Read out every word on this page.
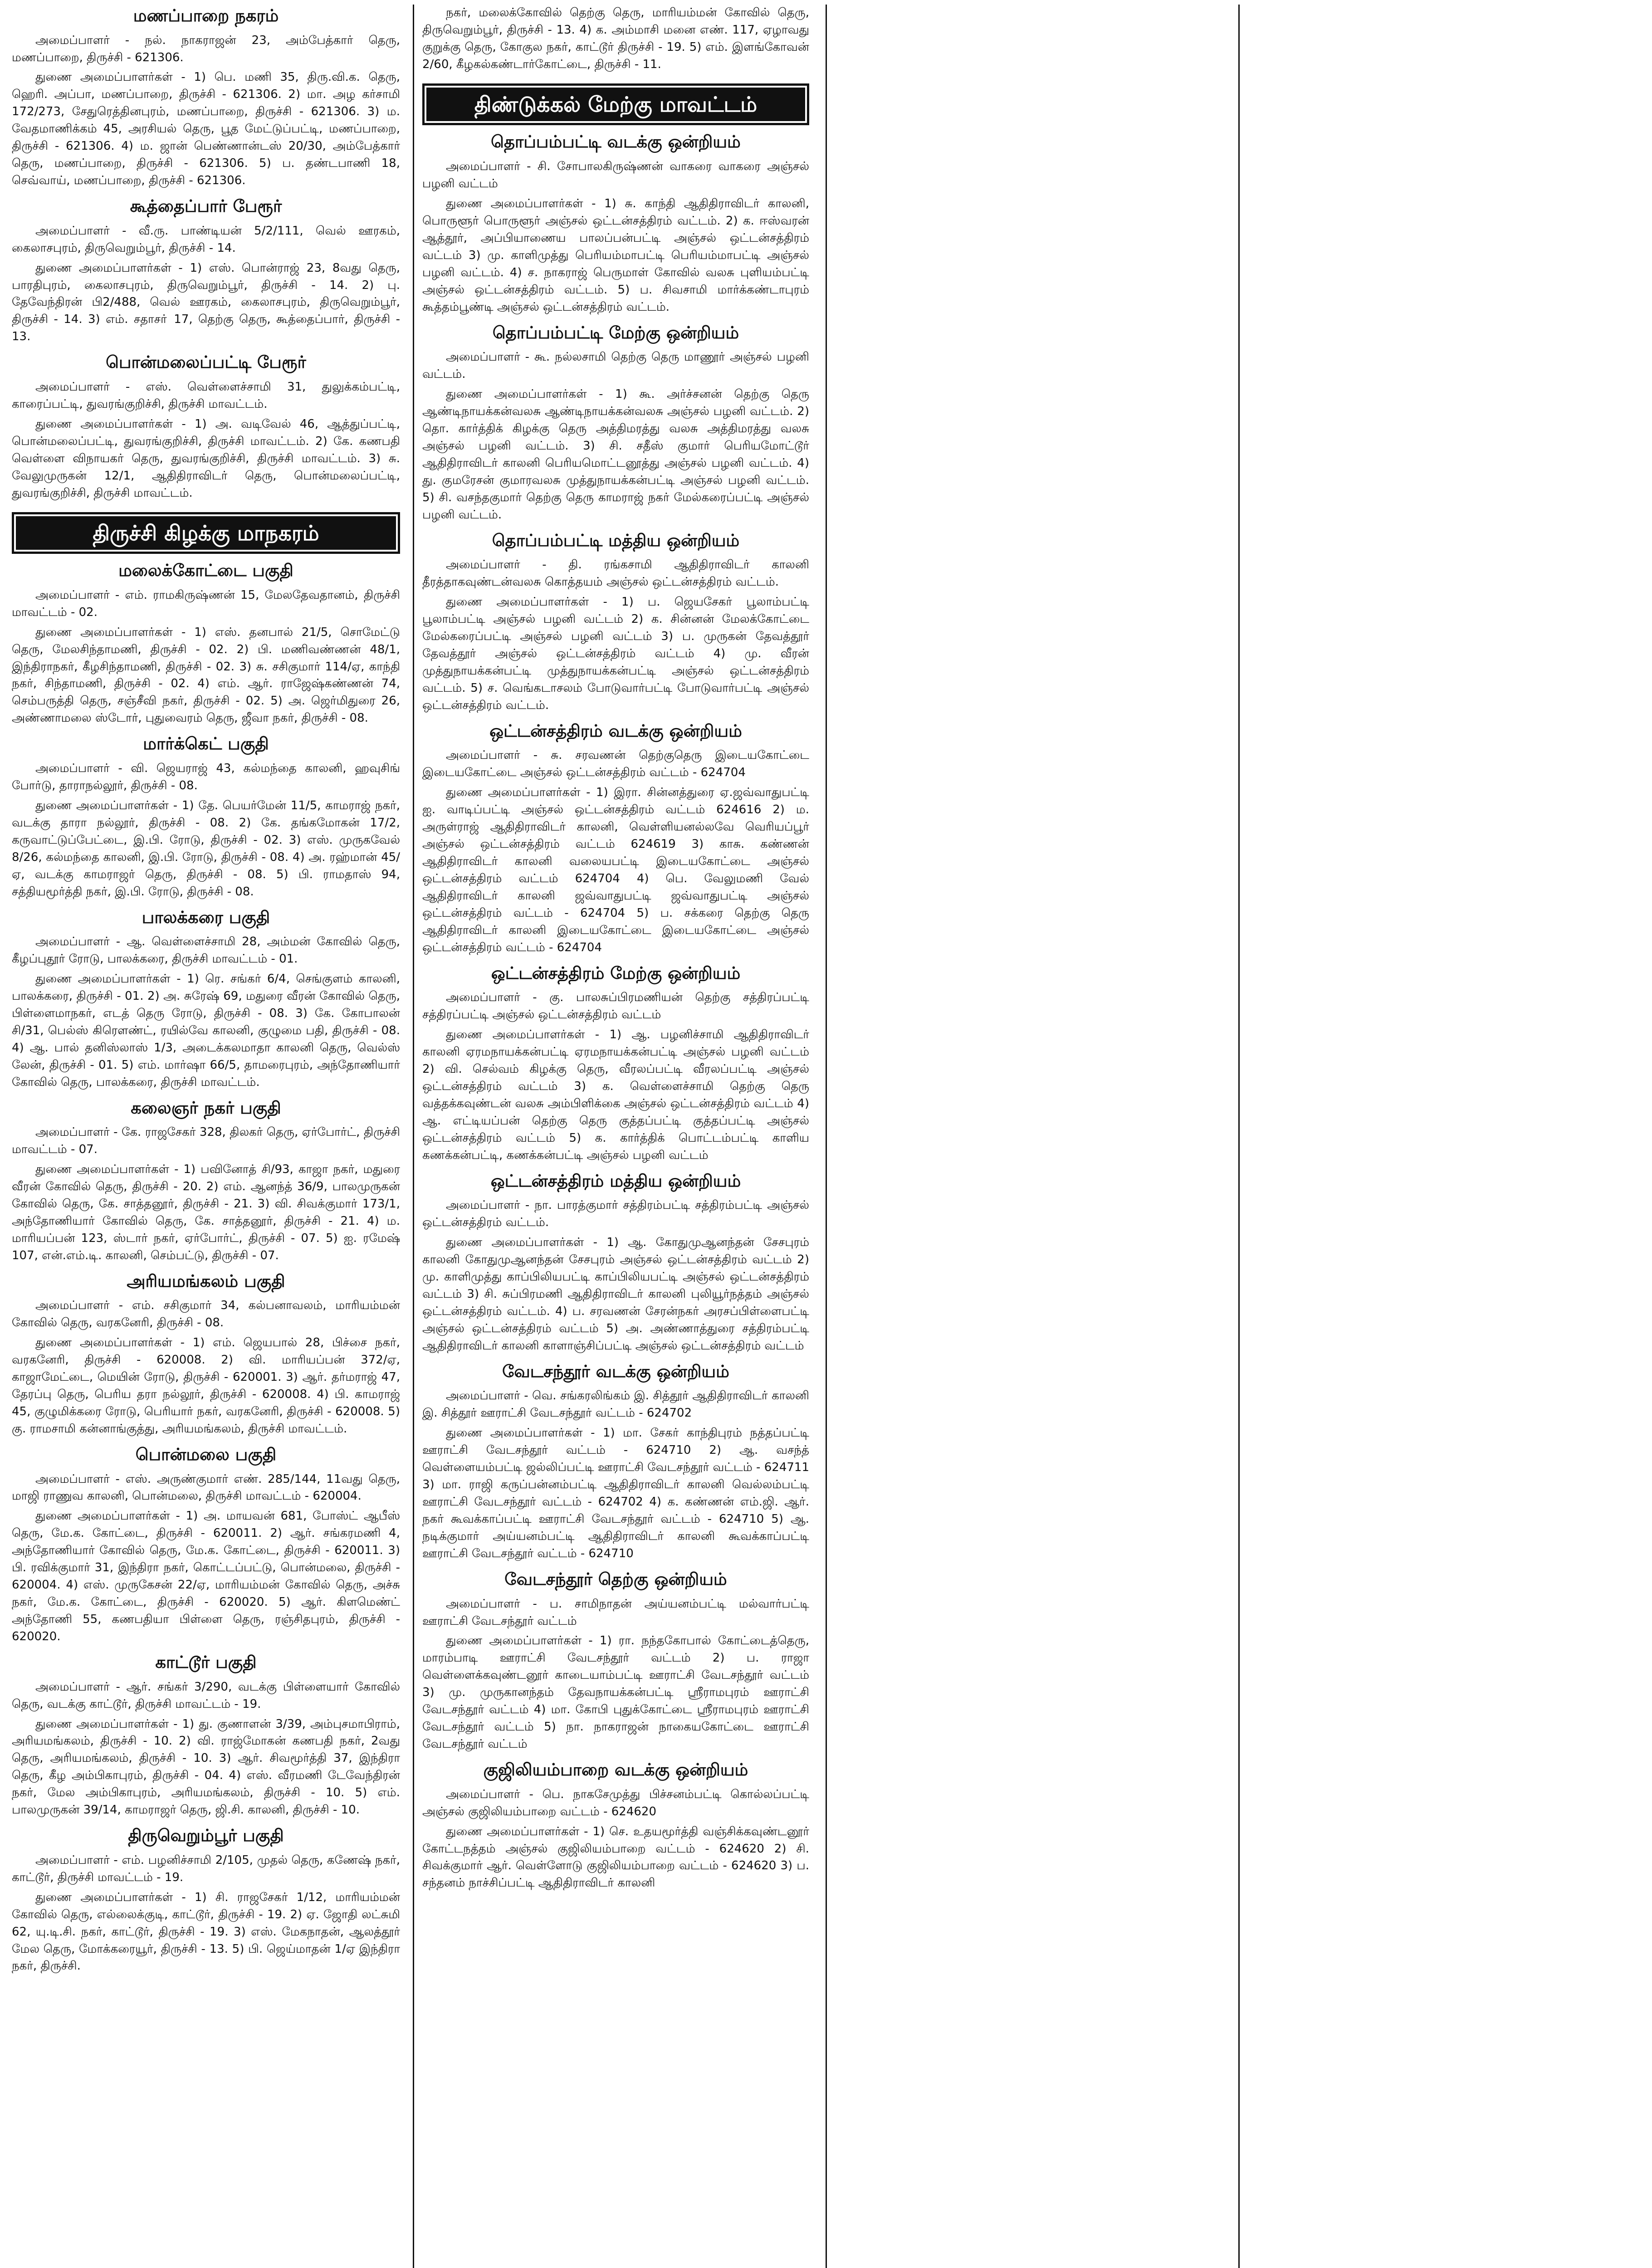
மணப்பாறை நகரம்
அமைப்பாளர் - நல். நாகராஜன் 23, அம்பேத்கார் தெரு, மணப்பாறை, திருச்சி - 621306.
துணை அமைப்பாளர்கள் - 1) பெ. மணி 35, திரு.வி.க. தெரு, ஹெரி. அப்பா, மணப்பாறை, திருச்சி - 621306. 2) மா. அழ கர்சாமி 172/273, சேதுரெத்தினபுரம், மணப்பாறை, திருச்சி - 621306. 3) ம. வேதமாணிக்கம் 45, அரசியல் தெரு, பூத மேட்டுப்பட்டி, மணப்பாறை, திருச்சி - 621306. 4) ம. ஜான் பெண்ணான்டஸ் 20/30, அம்பேத்கார் தெரு, மணப்பாறை, திருச்சி - 621306. 5) ப. தண்டபாணி 18, செவ்வாய், மணப்பாறை, திருச்சி - 621306.
கூத்தைப்பார் பேரூர்
அமைப்பாளர் - வீ.ரு. பாண்டியன் 5/2/111, வெல் ஊரகம், கைலாசபுரம், திருவெறும்பூர், திருச்சி - 14.
துணை அமைப்பாளர்கள் - 1) எஸ். பொன்ராஜ் 23, 8வது தெரு, பாரதிபுரம், கைலாசபுரம், திருவெறும்பூர், திருச்சி - 14. 2) பு. தேவேந்திரன் பி2/488, வெல் ஊரகம், கைலாசபுரம், திருவெறும்பூர், திருச்சி - 14. 3) எம். சதாசா் 17, தெற்கு தெரு, கூத்தைப்பார், திருச்சி - 13.
பொன்மலைப்பட்டி பேரூர்
அமைப்பாளர் - எஸ். வெள்ளைச்சாமி 31, துலுக்கம்பட்டி, காரைப்பட்டி, துவரங்குறிச்சி, திருச்சி மாவட்டம்.
துணை அமைப்பாளர்கள் - 1) அ. வடிவேல் 46, ஆத்துப்பட்டி, பொன்மலைப்பட்டி, துவரங்குறிச்சி, திருச்சி மாவட்டம். 2) கே. கணபதி வெள்ளை விநாயகர் தெரு, துவரங்குறிச்சி, திருச்சி மாவட்டம். 3) சு. வேலுமுருகன் 12/1, ஆதிதிராவிடர் தெரு, பொன்மலைப்பட்டி, துவரங்குறிச்சி, திருச்சி மாவட்டம்.
திருச்சி கிழக்கு மாநகரம்
மலைக்கோட்டை பகுதி
அமைப்பாளர் - எம். ராமகிருஷ்ணன் 15, மேலதேவதானம், திருச்சி மாவட்டம் - 02.
துணை அமைப்பாளர்கள் - 1) எஸ். தனபால் 21/5, சொமேட்டு தெரு, மேலசிந்தாமணி, திருச்சி - 02. 2) பி. மணிவண்ணன் 48/1, இந்திராநகர், கீழசிந்தாமணி, திருச்சி - 02. 3) சு. சசிகுமார் 114/ஏ, காந்தி நகர், சிந்தாமணி, திருச்சி - 02. 4) எம். ஆர். ராஜேஷ்கண்ணன் 74, செம்பருத்தி தெரு, சஞ்சீவி நகர், திருச்சி - 02. 5) அ. ஜெர்மிதுரை 26, அண்ணாமலை ஸ்டோர், புதுவைரம் தெரு, ஜீவா நகர், திருச்சி - 08.
மார்க்கெட் பகுதி
அமைப்பாளர் - வி. ஜெயராஜ் 43, கல்மந்தை காலனி, ஹவுசிங் போர்டு, தாராநல்லூர், திருச்சி - 08.
துணை அமைப்பாளர்கள் - 1) தே. பெயர்மேன் 11/5, காமராஜ் நகர், வடக்கு தாரா நல்லூர், திருச்சி - 08. 2) கே. தங்கமோகன் 17/2, கருவாட்டுப்பேட்டை, இ.பி. ரோடு, திருச்சி - 02. 3) எஸ். முருகவேல் 8/26, கல்மந்தை காலனி, இ.பி. ரோடு, திருச்சி - 08. 4) அ. ரஹ்மான் 45/ஏ, வடக்கு காமராஜர் தெரு, திருச்சி - 08. 5) பி. ராமதாஸ் 94, சத்தியமூர்த்தி நகர், இ.பி. ரோடு, திருச்சி - 08.
பாலக்கரை பகுதி
அமைப்பாளர் - ஆ. வெள்ளைச்சாமி 28, அம்மன் கோவில் தெரு, கீழப்புதூர் ரோடு, பாலக்கரை, திருச்சி மாவட்டம் - 01.
துணை அமைப்பாளர்கள் - 1) ரெ. சங்கர் 6/4, செங்குளம் காலனி, பாலக்கரை, திருச்சி - 01. 2) அ. சுரேஷ் 69, மதுரை வீரன் கோவில் தெரு, பிள்ளைமாநகர், எடத் தெரு ரோடு, திருச்சி - 08. 3) கே. கோபாலன் சி/31, பெல்ஸ் கிரௌண்ட், ரயில்வே காலனி, குழுமை பதி, திருச்சி - 08. 4) ஆ. பால் தனிஸ்லாஸ் 1/3, அடைக்கலமாதா காலனி தெரு, வெல்ஸ் லேன், திருச்சி - 01. 5) எம். மார்ஷா 66/5, தாமரைபுரம், அந்தோணியார் கோவில் தெரு, பாலக்கரை, திருச்சி மாவட்டம்.
கலைஞர் நகர் பகுதி
அமைப்பாளர் - கே. ராஜசேகர் 328, திலகர் தெரு, ஏர்போர்ட், திருச்சி மாவட்டம் - 07.
துணை அமைப்பாளர்கள் - 1) பவினோத் சி/93, காஜா நகர், மதுரை வீரன் கோவில் தெரு, திருச்சி - 20. 2) எம். ஆனந்த் 36/9, பாலமுருகன் கோவில் தெரு, கே. சாத்தனூர், திருச்சி - 21. 3) வி. சிவக்குமார் 173/1, அந்தோணியார் கோவில் தெரு, கே. சாத்தனூர், திருச்சி - 21. 4) ம. மாரியப்பன் 123, ஸ்டார் நகர், ஏர்போர்ட், திருச்சி - 07. 5) ஐ. ரமேஷ் 107, என்.எம்.டி. காலனி, செம்பட்டு, திருச்சி - 07.
அரியமங்கலம் பகுதி
அமைப்பாளர் - எம். சசிகுமார் 34, கல்பனாவலம், மாரியம்மன் கோவில் தெரு, வரகனேரி, திருச்சி - 08.
துணை அமைப்பாளர்கள் - 1) எம். ஜெயபால் 28, பிச்சை நகர், வரகனேரி, திருச்சி - 620008. 2) வி. மாரியப்பன் 372/ஏ, காஜாமேட்டை, மெயின் ரோடு, திருச்சி - 620001. 3) ஆர். தர்மராஜ் 47, தேரப்பு தெரு, பெரிய தரா நல்லூர், திருச்சி - 620008. 4) பி. காமராஜ் 45, குழுமிக்கரை ரோடு, பெரியார் நகர், வரகனேரி, திருச்சி - 620008. 5) கு. ராமசாமி கன்னாங்குத்து, அரியமங்கலம், திருச்சி மாவட்டம்.
பொன்மலை பகுதி
அமைப்பாளர் - எஸ். அருண்குமார் எண். 285/144, 11வது தெரு, மாஜி ராணுவ காலனி, பொன்மலை, திருச்சி மாவட்டம் - 620004.
துணை அமைப்பாளர்கள் - 1) அ. மாயவன் 681, போஸ்ட் ஆபீஸ் தெரு, மே.க. கோட்டை, திருச்சி - 620011. 2) ஆர். சங்கரமணி 4, அந்தோணியார் கோவில் தெரு, மே.க. கோட்டை, திருச்சி - 620011. 3) பி. ரவிக்குமார் 31, இந்திரா நகர், கொட்டப்பட்டு, பொன்மலை, திருச்சி - 620004. 4) எஸ். முருகேசன் 22/ஏ, மாரியம்மன் கோவில் தெரு, அச்சு நகர், மே.க. கோட்டை, திருச்சி - 620020. 5) ஆர். கிளமெண்ட் அந்தோணி 55, கணபதியா பிள்ளை தெரு, ரஞ்சிதபுரம், திருச்சி - 620020.
காட்டூர் பகுதி
அமைப்பாளர் - ஆர். சங்கர் 3/290, வடக்கு பிள்ளையார் கோவில் தெரு, வடக்கு காட்டூர், திருச்சி மாவட்டம் - 19.
துணை அமைப்பாளர்கள் - 1) து. குணாளன் 3/39, அம்புசமாபிராம், அரியமங்கலம், திருச்சி - 10. 2) வி. ராஜ்மோகன் கணபதி நகர், 2வது தெரு, அரியமங்கலம், திருச்சி - 10. 3) ஆர். சிவமூர்த்தி 37, இந்திரா தெரு, கீழ அம்பிகாபுரம், திருச்சி - 04. 4) எஸ். வீரமணி டேவேந்திரன் நகர், மேல அம்பிகாபுரம், அரியமங்கலம், திருச்சி - 10. 5) எம். பாலமுருகன் 39/14, காமராஜர் தெரு, ஜி.சி. காலனி, திருச்சி - 10.
திருவெறும்பூர் பகுதி
அமைப்பாளர் - எம். பழனிச்சாமி 2/105, முதல் தெரு, கணேஷ் நகர், காட்டூர், திருச்சி மாவட்டம் - 19.
துணை அமைப்பாளர்கள் - 1) சி. ராஜசேகர் 1/12, மாரியம்மன் கோவில் தெரு, எல்லைக்குடி, காட்டூர், திருச்சி - 19. 2) ஏ. ஜோதி லட்சுமி 62, யு.டி.சி. நகர், காட்டூர், திருச்சி - 19. 3) எஸ். மேகநாதன், ஆலத்தூர் மேல தெரு, மோக்கரையூர், திருச்சி - 13. 5) பி. ஜெய்மாதன் 1/ஏ இந்திரா நகர், திருச்சி.
நகர், மலைக்கோவில் தெற்கு தெரு, மாரியம்மன் கோவில் தெரு, திருவெறும்பூர், திருச்சி - 13. 4) க. அம்மாசி மனை எண். 117, ஏழாவது குறுக்கு தெரு, கோகுல நகர், காட்டூர் திருச்சி - 19. 5) எம். இளங்கோவன் 2/60, கீழகல்கண்டார்கோட்டை, திருச்சி - 11.
திண்டுக்கல் மேற்கு மாவட்டம்
தொப்பம்பட்டி வடக்கு ஒன்றியம்
அமைப்பாளர் - சி. சோபாலகிருஷ்ணன் வாகரை வாகரை அஞ்சல் பழனி வட்டம்
துணை அமைப்பாளர்கள் - 1) சு. காந்தி ஆதிதிராவிடர் காலனி, பொருளூர் பொருளூர் அஞ்சல் ஒட்டன்சத்திரம் வட்டம். 2) க. ஈஸ்வரன் ஆத்தூர், அப்பியாணைய பாலப்பன்பட்டி அஞ்சல் ஒட்டன்சத்திரம் வட்டம் 3) மு. காளிமுத்து பெரியம்மாபட்டி பெரியம்மாபட்டி அஞ்சல் பழனி வட்டம். 4) ச. நாகராஜ் பெருமாள் கோவில் வலசு புளியம்பட்டி அஞ்சல் ஒட்டன்சத்திரம் வட்டம். 5) ப. சிவசாமி மார்க்கண்டாபுரம் கூத்தம்பூண்டி அஞ்சல் ஒட்டன்சத்திரம் வட்டம்.
தொப்பம்பட்டி மேற்கு ஒன்றியம்
அமைப்பாளர் - கூ. நல்லசாமி தெற்கு தெரு மாணூர் அஞ்சல் பழனி வட்டம்.
துணை அமைப்பாளர்கள் - 1) கூ. அர்ச்சனன் தெற்கு தெரு ஆண்டிநாயக்கன்வலசு ஆண்டிநாயக்கன்வலசு அஞ்சல் பழனி வட்டம். 2) தொ. கார்த்திக் கிழக்கு தெரு அத்திமரத்து வலசு அத்திமரத்து வலசு அஞ்சல் பழனி வட்டம். 3) சி. சதீஸ் குமார் பெரியமோட்டூர் ஆதிதிராவிடர் காலனி பெரியமொட்டனூத்து அஞ்சல் பழனி வட்டம். 4) து. குமரேசன் குமாரவலசு முத்துநாயக்கன்பட்டி அஞ்சல் பழனி வட்டம். 5) சி. வசந்தகுமார் தெற்கு தெரு காமராஜ் நகர் மேல்கரைப்பட்டி அஞ்சல் பழனி வட்டம்.
தொப்பம்பட்டி மத்திய ஒன்றியம்
அமைப்பாளர் - தி. ரங்கசாமி ஆதிதிராவிடர் காலனி தீரத்தாகவுண்டன்வலசு கொத்தயம் அஞ்சல் ஒட்டன்சத்திரம் வட்டம்.
துணை அமைப்பாளர்கள் - 1) ப. ஜெயசேகர் பூலாம்பட்டி பூலாம்பட்டி அஞ்சல் பழனி வட்டம் 2) க. சின்னன் மேலக்கோட்டை மேல்கரைப்பட்டி அஞ்சல் பழனி வட்டம் 3) ப. முருகன் தேவத்தூர் தேவத்தூர் அஞ்சல் ஒட்டன்சத்திரம் வட்டம் 4) மு. வீரன் முத்துநாயக்கன்பட்டி முத்துநாயக்கன்பட்டி அஞ்சல் ஒட்டன்சத்திரம் வட்டம். 5) ச. வெங்கடாசலம் போடுவார்பட்டி போடுவார்பட்டி அஞ்சல் ஒட்டன்சத்திரம் வட்டம்.
ஒட்டன்சத்திரம் வடக்கு ஒன்றியம்
அமைப்பாளர் - சு. சரவணன் தெற்குதெரு இடையகோட்டை இடையகோட்டை அஞ்சல் ஒட்டன்சத்திரம் வட்டம் - 624704
துணை அமைப்பாளர்கள் - 1) இரா. சின்னத்துரை ஏ.ஜவ்வாதுபட்டி ஐ. வாடிப்பட்டி அஞ்சல் ஒட்டன்சத்திரம் வட்டம் 624616 2) ம. அருள்ராஜ் ஆதிதிராவிடர் காலனி, வெள்ளியனல்லவே வெரியப்பூர் அஞ்சல் ஒட்டன்சத்திரம் வட்டம் 624619 3) காசு. கண்ணன் ஆதிதிராவிடர் காலனி வலையபட்டி இடையகோட்டை அஞ்சல் ஒட்டன்சத்திரம் வட்டம் 624704 4) பெ. வேலுமணி வேல் ஆதிதிராவிடர் காலனி ஜவ்வாதுபட்டி ஜவ்வாதுபட்டி அஞ்சல் ஒட்டன்சத்திரம் வட்டம் - 624704 5) ப. சக்கரை தெற்கு தெரு ஆதிதிராவிடர் காலனி இடையகோட்டை இடையகோட்டை அஞ்சல் ஒட்டன்சத்திரம் வட்டம் - 624704
ஒட்டன்சத்திரம் மேற்கு ஒன்றியம்
அமைப்பாளர் - கு. பாலசுப்பிரமணியன் தெற்கு சத்திரப்பட்டி சத்திரப்பட்டி அஞ்சல் ஒட்டன்சத்திரம் வட்டம்
துணை அமைப்பாளர்கள் - 1) ஆ. பழனிச்சாமி ஆதிதிராவிடர் காலனி ஏரமநாயக்கன்பட்டி ஏரமநாயக்கன்பட்டி அஞ்சல் பழனி வட்டம் 2) வி. செல்வம் கிழக்கு தெரு, வீரலப்பட்டி வீரலப்பட்டி அஞ்சல் ஒட்டன்சத்திரம் வட்டம் 3) க. வெள்ளைச்சாமி தெற்கு தெரு வத்தக்கவுண்டன் வலசு அம்பிளிக்கை அஞ்சல் ஒட்டன்சத்திரம் வட்டம் 4) ஆ. எட்டியப்பன் தெற்கு தெரு குத்தப்பட்டி குத்தப்பட்டி அஞ்சல் ஒட்டன்சத்திரம் வட்டம் 5) க. கார்த்திக் பொட்டம்பட்டி காளிய கணக்கன்பட்டி, கணக்கன்பட்டி அஞ்சல் பழனி வட்டம்
ஒட்டன்சத்திரம் மத்திய ஒன்றியம்
அமைப்பாளர் - நா. பாரத்குமார் சத்திரம்பட்டி சத்திரம்பட்டி அஞ்சல் ஒட்டன்சத்திரம் வட்டம்.
துணை அமைப்பாளர்கள் - 1) ஆ. கோதுமுஆனந்தன் சேசபுரம் காலனி கோதுமுஆனந்தன் சேசபுரம் அஞ்சல் ஒட்டன்சத்திரம் வட்டம் 2) மு. காளிமுத்து காப்பிலியபட்டி காப்பிலியபட்டி அஞ்சல் ஒட்டன்சத்திரம் வட்டம் 3) சி. சுப்பிரமணி ஆதிதிராவிடர் காலனி புலியூர்நத்தம் அஞ்சல் ஒட்டன்சத்திரம் வட்டம். 4) ப. சரவணன் சேரன்நகர் அரசப்பிள்ளைபட்டி அஞ்சல் ஒட்டன்சத்திரம் வட்டம் 5) அ. அண்ணாத்துரை சத்திரம்பட்டி ஆதிதிராவிடர் காலனி காளாஞ்சிப்பட்டி அஞ்சல் ஒட்டன்சத்திரம் வட்டம்
வேடசந்தூர் வடக்கு ஒன்றியம்
அமைப்பாளர் - வெ. சங்கரலிங்கம் இ. சித்தூர் ஆதிதிராவிடர் காலனி இ. சித்தூர் ஊராட்சி வேடசந்தூர் வட்டம் - 624702
துணை அமைப்பாளர்கள் - 1) மா. சேகர் காந்திபுரம் நத்தப்பட்டி ஊராட்சி வேடசந்தூர் வட்டம் - 624710 2) ஆ. வசந்த் வெள்ளையம்பட்டி ஜல்லிப்பட்டி ஊராட்சி வேடசந்தூர் வட்டம் - 624711 3) மா. ராஜி கருப்பன்னம்பட்டி ஆதிதிராவிடர் காலனி வெல்லம்பட்டி ஊராட்சி வேடசந்தூர் வட்டம் - 624702 4) க. கண்ணன் எம்.ஜி. ஆர். நகர் கூவக்காப்பட்டி ஊராட்சி வேடசந்தூர் வட்டம் - 624710 5) ஆ. நடிக்குமார் அய்யனம்பட்டி ஆதிதிராவிடர் காலனி கூவக்காப்பட்டி ஊராட்சி வேடசந்தூர் வட்டம் - 624710
வேடசந்தூர் தெற்கு ஒன்றியம்
அமைப்பாளர் - ப. சாமிநாதன் அய்யனம்பட்டி மல்வார்பட்டி ஊராட்சி வேடசந்தூர் வட்டம்
துணை அமைப்பாளர்கள் - 1) ரா. நந்தகோபால் கோட்டைத்தெரு, மாரம்பாடி ஊராட்சி வேடசந்தூர் வட்டம் 2) ப. ராஜா வெள்ளைக்கவுண்டனூர் காடையாம்பட்டி ஊராட்சி வேடசந்தூர் வட்டம் 3) மு. முருகானந்தம் தேவநாயக்கன்பட்டி ஸ்ரீராமபுரம் ஊராட்சி வேடசந்தூர் வட்டம் 4) மா. கோபி புதுக்கோட்டை ஸ்ரீராமபுரம் ஊராட்சி வேடசந்தூர் வட்டம் 5) நா. நாகராஜன் நாகையகோட்டை ஊராட்சி வேடசந்தூர் வட்டம்
குஜிலியம்பாறை வடக்கு ஒன்றியம்
அமைப்பாளர் - பெ. நாகசேமுத்து பிச்சனம்பட்டி கொல்லப்பட்டி அஞ்சல் குஜிலியம்பாறை வட்டம் - 624620
துணை அமைப்பாளர்கள் - 1) செ. உதயமூர்த்தி வஞ்சிக்கவுண்டனூர் கோட்டநத்தம் அஞ்சல் குஜிலியம்பாறை வட்டம் - 624620 2) சி. சிவக்குமார் ஆர். வெள்ளோடு குஜிலியம்பாறை வட்டம் - 624620 3) ப. சந்தனம் நாச்சிப்பட்டி ஆதிதிராவிடர் காலனி
